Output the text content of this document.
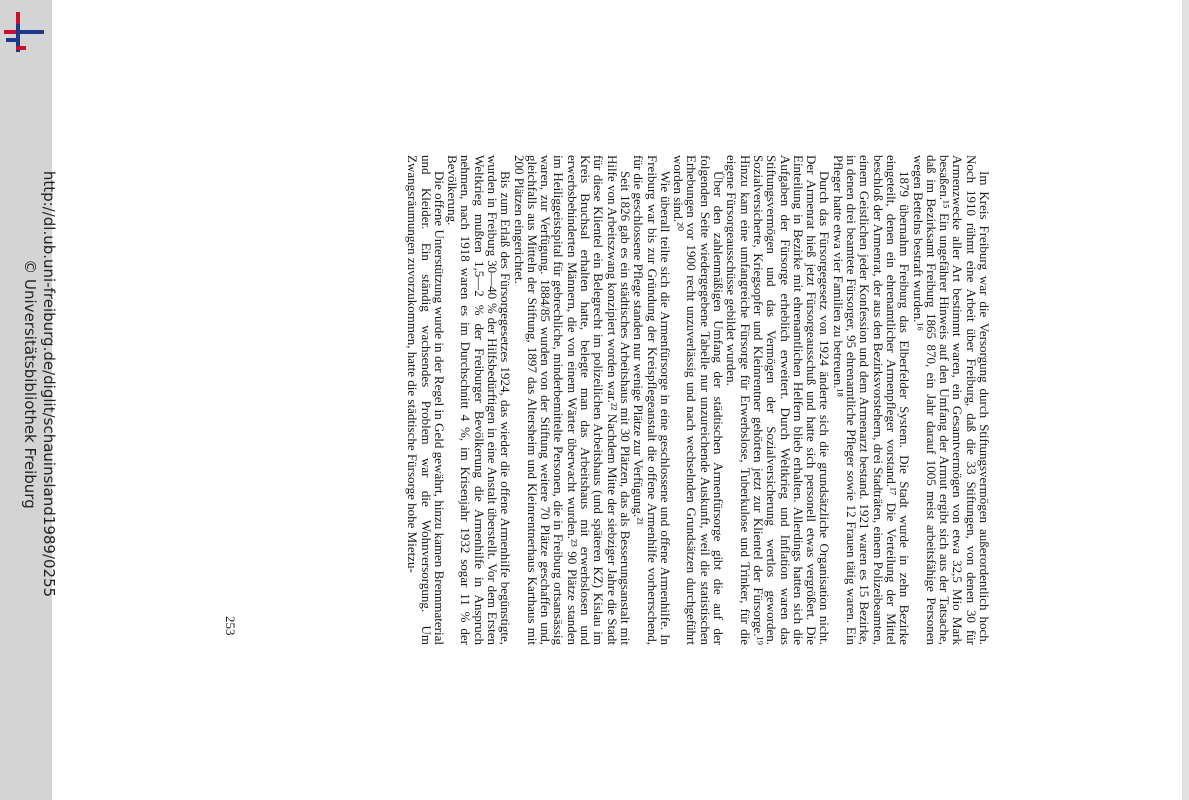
http://dl.ub.uni-freiburg.de/diglit/schauinsland1989/0255
© Universitätsbibliothek Freiburg	Im Kreis Freiburg war die Versorgung durch Stiftungsvermögen außerordentlich hoch. Noch 1910 rühmt eine Arbeit über Freiburg, daß die 33 Stiftungen, von denen 30 für Armenzwecke aller Art bestimmt waren, ein Gesamtvermögen von etwa 32,5 Mio Mark besaßen.¹⁵ Ein ungefährer Hinweis auf den Umfang der Armut ergibt sich aus der Tatsache, daß im Bezirksamt Freiburg 1865 870, ein Jahr darauf 1005 meist arbeitsfähige Personen wegen Bettelns bestraft wurden.¹⁶

1879 übernahm Freiburg das Elberfelder System. Die Stadt wurde in zehn Bezirke eingeteilt, denen ein ehrenamtlicher Armenpfleger vorstand.¹⁷ Die Verteilung der Mittel beschloß der Armenrat, der aus den Bezirksvorstehern, drei Stadträten, einem Polizeibeamten, einem Geistlichen jeder Konfession und dem Armenarzt bestand. 1921 waren es 15 Bezirke, in denen drei beamtete Fürsorger, 95 ehrenamtliche Pfleger sowie 12 Frauen tätig waren. Ein Pfleger hatte etwa vier Familien zu betreuen.¹⁸

Durch das Fürsorgegesetz von 1924 änderte sich die grundsätzliche Organisation nicht. Der Armenrat hieß jetzt Fürsorgeausschuß und hatte sich personell etwas vergrößert. Die Einteilung in Bezirke mit ehrenamtlichen Helfern blieb erhalten. Allerdings hatten sich die Aufgaben der Fürsorge erheblich erweitert. Durch Weltkrieg und Inflation waren das Stiftungsvermögen und das Vermögen der Sozialversicherung wertlos geworden. Sozialversicherte, Kriegsopfer und Kleinrentner gehörten jetzt zur Klientel der Fürsorge.¹⁹ Hinzu kam eine umfangreiche Fürsorge für Erwerbslose, Tuberkulose und Trinker, für die eigene Fürsorgeausschüsse gebildet wurden.

Über den zahlenmäßigen Umfang der städtischen Armenfürsorge gibt die auf der folgenden Seite wiedergegebene Tabelle nur unzureichende Auskunft, weil die statistischen Erhebungen vor 1900 recht unzuverlässig und nach wechselnden Grundsätzen durchgeführt worden sind.²⁰

Wie überall teilte sich die Armenfürsorge in eine geschlossene und offene Armenhilfe. In Freiburg war bis zur Gründung der Kreispflegeanstalt die offene Armenhilfe vorherrschend, für die geschlossene Pflege standen nur wenige Plätze zur Verfügung.²¹

Seit 1826 gab es ein städtisches Arbeitshaus mit 30 Plätzen, das als Besserungsanstalt mit Hilfe von Arbeitszwang konzipiert worden war.²² Nachdem Mitte der siebziger Jahre die Stadt für diese Klientel ein Belegrecht im polizeilichen Arbeitshaus (und späteren KZ) Kislau im Kreis Bruchsal erhalten hatte, belegte man das Arbeitshaus mit erwerbslosen und erwerbsbehinderten Männern, die von einem Wärter überwacht wurden.²³ 90 Plätze standen im Heiliggeistspital für gebrechliche, minderbemittelte Personen, die in Freiburg ortsansässig waren, zur Verfügung. 1884/85 wurden von der Stiftung weitere 70 Plätze geschaffen und, gleichfalls aus Mitteln der Stiftung, 1897 das Altersheim und Kleinrentnerhaus Karthaus mit 200 Plätzen eingerichtet.

Bis zum Erlaß des Fürsorgegesetzes 1924, das wieder die offene Armenhilfe begünstigte, wurden in Freiburg 30—40 % der Hilfsbedürftigen in eine Anstalt überstellt. Vor dem Ersten Weltkrieg mußten 1,5—2 % der Freiburger Bevölkerung die Armenhilfe in Anspruch nehmen, nach 1918 waren es im Durchschnitt 4 %, im Krisenjahr 1932 sogar 11 % der Bevölkerung.

Die offene Unterstützung wurde in der Regel in Geld gewährt, hinzu kamen Brennmaterial und Kleider. Ein ständig wachsendes Problem war die Wohnversorgung. Um Zwangsräumungen zuvorzukommen, hatte die städtische Fürsorge hohe Mietzu-

253
